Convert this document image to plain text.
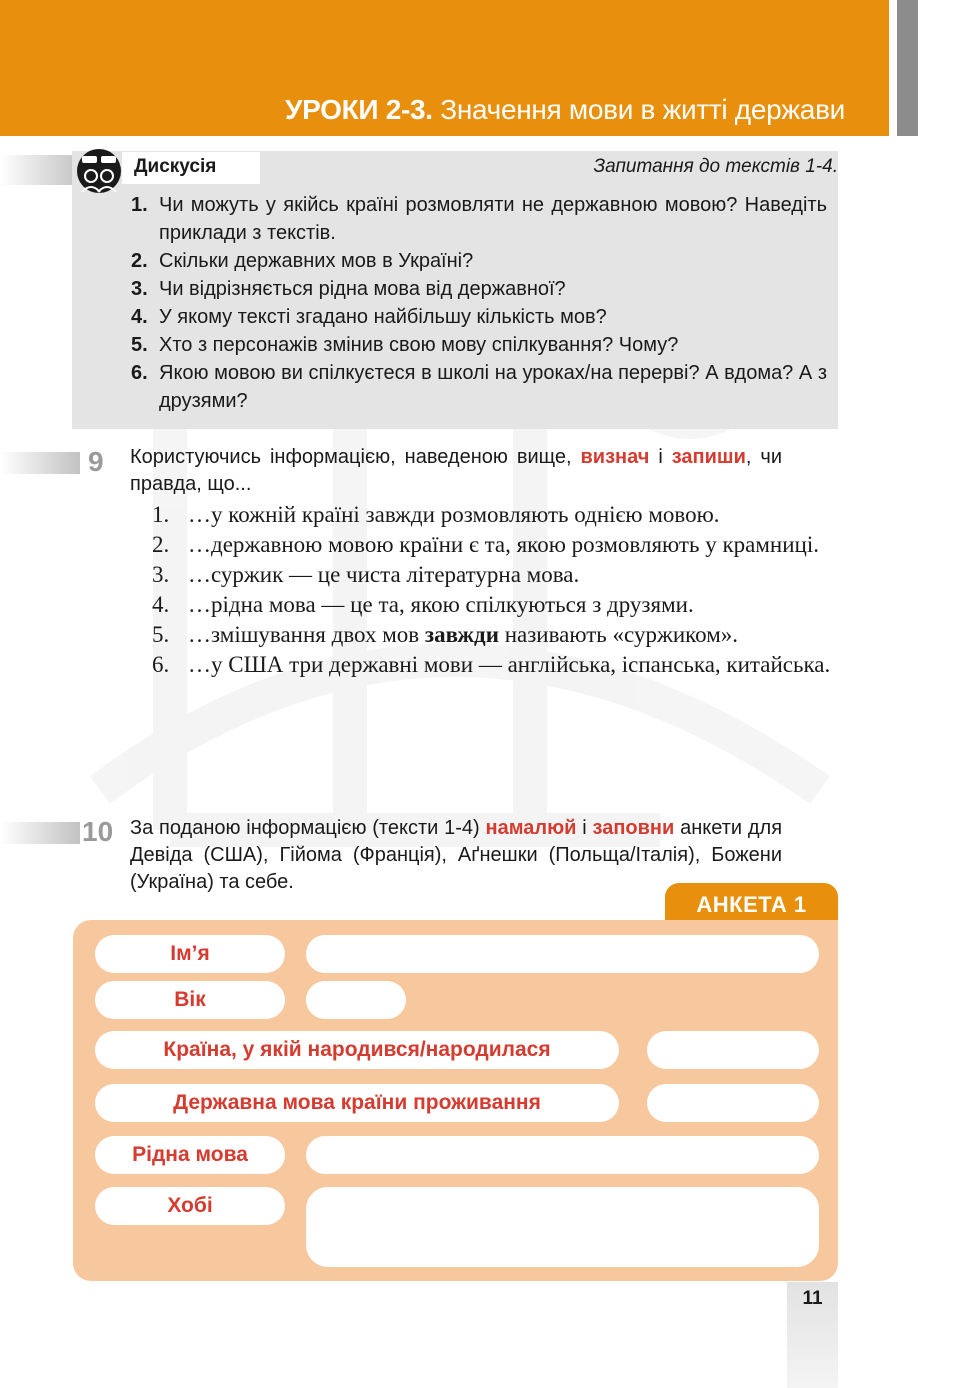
УРОКИ 2-3. Значення мови в житті держави
Дискусія	Запитання до текстів 1-4.
1. Чи можуть у якійсь країні розмовляти не державною мовою? Наведіть приклади з текстів.
2. Скільки державних мов в Україні?
3. Чи відрізняється рідна мова від державної?
4. У якому тексті згадано найбільшу кількість мов?
5. Хто з персонажів змінив свою мову спілкування? Чому?
6. Якою мовою ви спілкуєтеся в школі на уроках/на перерві? А вдома? А з друзями?
9 Користуючись інформацією, наведеною вище, визнач і запиши, чи правда, що...
1. …у кожній країні завжди розмовляють однією мовою.
2. …державною мовою країни є та, якою розмовляють у крамниці.
3. …суржик — це чиста літературна мова.
4. …рідна мова — це та, якою спілкуються з друзями.
5. …змішування двох мов завжди називають «суржиком».
6. …у США три державні мови — англійська, іспанська, китайська.
10 За поданою інформацією (тексти 1-4) намалюй і заповни анкети для Девіда (США), Гійома (Франція), Аґнешки (Польща/Італія), Божени (Україна) та себе.
АНКЕТА 1
Ім’я
Вік
Країна, у якій народився/народилася
Державна мова країни проживання
Рідна мова
Хобі
11
